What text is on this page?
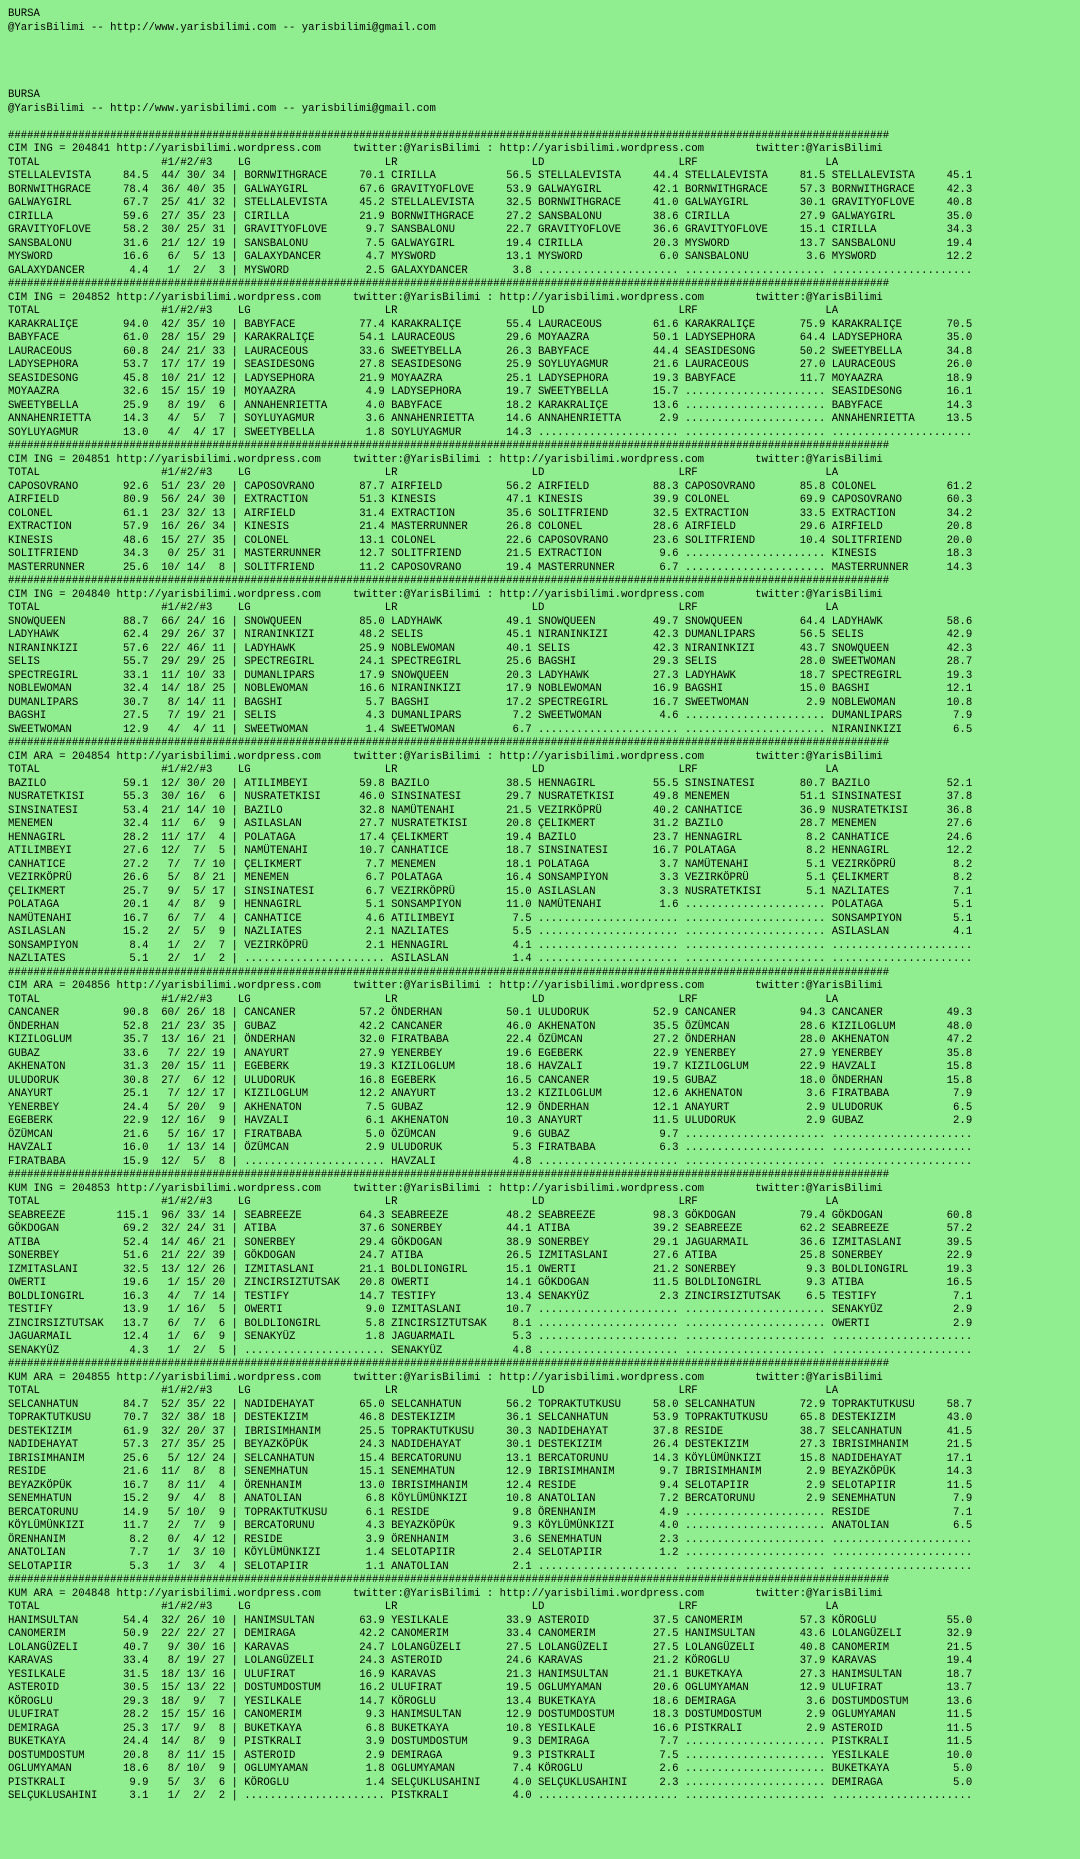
BURSA
@YarisBilimi -- http://www.yarisbilimi.com -- yarisbilimi@gmail.com
BURSA
@YarisBilimi -- http://www.yarisbilimi.com -- yarisbilimi@gmail.com

##########################################################################################################################################
CIM ING = 204841 http://yarisbilimi.wordpress.com     twitter:@YarisBilimi : http://yarisbilimi.wordpress.com        twitter:@YarisBilimi
TOTAL                   #1/#2/#3    LG                     LR                     LD                     LRF                    LA
STELLALEVISTA     84.5  44/ 30/ 34 | BORNWITHGRACE     70.1 CIRILLA           56.5 STELLALEVISTA     44.4 STELLALEVISTA     81.5 STELLALEVISTA     45.1
BORNWITHGRACE     78.4  36/ 40/ 35 | GALWAYGIRL        67.6 GRAVITYOFLOVE     53.9 GALWAYGIRL        42.1 BORNWITHGRACE     57.3 BORNWITHGRACE     42.3
GALWAYGIRL        67.7  25/ 41/ 32 | STELLALEVISTA     45.2 STELLALEVISTA     32.5 BORNWITHGRACE     41.0 GALWAYGIRL        30.1 GRAVITYOFLOVE     40.8
CIRILLA           59.6  27/ 35/ 23 | CIRILLA           21.9 BORNWITHGRACE     27.2 SANSBALONU        38.6 CIRILLA           27.9 GALWAYGIRL        35.0
GRAVITYOFLOVE     58.2  30/ 25/ 31 | GRAVITYOFLOVE      9.7 SANSBALONU        22.7 GRAVITYOFLOVE     36.6 GRAVITYOFLOVE     15.1 CIRILLA           34.3
SANSBALONU        31.6  21/ 12/ 19 | SANSBALONU         7.5 GALWAYGIRL        19.4 CIRILLA           20.3 MYSWORD           13.7 SANSBALONU        19.4
MYSWORD           16.6   6/  5/ 13 | GALAXYDANCER       4.7 MYSWORD           13.1 MYSWORD            6.0 SANSBALONU         3.6 MYSWORD           12.2
GALAXYDANCER       4.4   1/  2/  3 | MYSWORD            2.5 GALAXYDANCER       3.8 ...................... ...................... ......................
##########################################################################################################################################
CIM ING = 204852 http://yarisbilimi.wordpress.com     twitter:@YarisBilimi : http://yarisbilimi.wordpress.com        twitter:@YarisBilimi
TOTAL                   #1/#2/#3    LG                     LR                     LD                     LRF                    LA
KARAKRALIÇE       94.0  42/ 35/ 10 | BABYFACE          77.4 KARAKRALIÇE       55.4 LAURACEOUS        61.6 KARAKRALIÇE       75.9 KARAKRALIÇE       70.5
BABYFACE          61.0  28/ 15/ 29 | KARAKRALIÇE       54.1 LAURACEOUS        29.6 MOYAAZRA          50.1 LADYSEPHORA       64.4 LADYSEPHORA       35.0
LAURACEOUS        60.8  24/ 21/ 33 | LAURACEOUS        33.6 SWEETYBELLA       26.3 BABYFACE          44.4 SEASIDESONG       50.2 SWEETYBELLA       34.8
LADYSEPHORA       53.7  17/ 17/ 19 | SEASIDESONG       27.8 SEASIDESONG       25.9 SOYLUYAGMUR       21.6 LAURACEOUS        27.0 LAURACEOUS        26.0
SEASIDESONG       45.8  10/ 21/ 12 | LADYSEPHORA       21.9 MOYAAZRA          25.1 LADYSEPHORA       19.3 BABYFACE          11.7 MOYAAZRA          18.9
MOYAAZRA          32.6  15/ 15/ 19 | MOYAAZRA           4.9 LADYSEPHORA       19.7 SWEETYBELLA       15.7 ...................... SEASIDESONG       16.1
SWEETYBELLA       25.9   8/ 19/  6 | ANNAHENRIETTA      4.0 BABYFACE          18.2 KARAKRALIÇE       13.6 ...................... BABYFACE          14.3
ANNAHENRIETTA     14.3   4/  5/  7 | SOYLUYAGMUR        3.6 ANNAHENRIETTA     14.6 ANNAHENRIETTA      2.9 ...................... ANNAHENRIETTA     13.5
SOYLUYAGMUR       13.0   4/  4/ 17 | SWEETYBELLA        1.8 SOYLUYAGMUR       14.3 ...................... ...................... ......................
##########################################################################################################################################
CIM ING = 204851 http://yarisbilimi.wordpress.com     twitter:@YarisBilimi : http://yarisbilimi.wordpress.com        twitter:@YarisBilimi
TOTAL                   #1/#2/#3    LG                     LR                     LD                     LRF                    LA
CAPOSOVRANO       92.6  51/ 23/ 20 | CAPOSOVRANO       87.7 AIRFIELD          56.2 AIRFIELD          88.3 CAPOSOVRANO       85.8 COLONEL           61.2
AIRFIELD          80.9  56/ 24/ 30 | EXTRACTION        51.3 KINESIS           47.1 KINESIS           39.9 COLONEL           69.9 CAPOSOVRANO       60.3
COLONEL           61.1  23/ 32/ 13 | AIRFIELD          31.4 EXTRACTION        35.6 SOLITFRIEND       32.5 EXTRACTION        33.5 EXTRACTION        34.2
EXTRACTION        57.9  16/ 26/ 34 | KINESIS           21.4 MASTERRUNNER      26.8 COLONEL           28.6 AIRFIELD          29.6 AIRFIELD          20.8
KINESIS           48.6  15/ 27/ 35 | COLONEL           13.1 COLONEL           22.6 CAPOSOVRANO       23.6 SOLITFRIEND       10.4 SOLITFRIEND       20.0
SOLITFRIEND       34.3   0/ 25/ 31 | MASTERRUNNER      12.7 SOLITFRIEND       21.5 EXTRACTION         9.6 ...................... KINESIS           18.3
MASTERRUNNER      25.6  10/ 14/  8 | SOLITFRIEND       11.2 CAPOSOVRANO       19.4 MASTERRUNNER       6.7 ...................... MASTERRUNNER      14.3
##########################################################################################################################################
CIM ING = 204840 http://yarisbilimi.wordpress.com     twitter:@YarisBilimi : http://yarisbilimi.wordpress.com        twitter:@YarisBilimi
TOTAL                   #1/#2/#3    LG                     LR                     LD                     LRF                    LA
SNOWQUEEN         88.7  66/ 24/ 16 | SNOWQUEEN         85.0 LADYHAWK          49.1 SNOWQUEEN         49.7 SNOWQUEEN         64.4 LADYHAWK          58.6
LADYHAWK          62.4  29/ 26/ 37 | NIRANINKIZI       48.2 SELIS             45.1 NIRANINKIZI       42.3 DUMANLIPARS       56.5 SELIS             42.9
NIRANINKIZI       57.6  22/ 46/ 11 | LADYHAWK          25.9 NOBLEWOMAN        40.1 SELIS             42.3 NIRANINKIZI       43.7 SNOWQUEEN         42.3
SELIS             55.7  29/ 29/ 25 | SPECTREGIRL       24.1 SPECTREGIRL       25.6 BAGSHI            29.3 SELIS             28.0 SWEETWOMAN        28.7
SPECTREGIRL       33.1  11/ 10/ 33 | DUMANLIPARS       17.9 SNOWQUEEN         20.3 LADYHAWK          27.3 LADYHAWK          18.7 SPECTREGIRL       19.3
NOBLEWOMAN        32.4  14/ 18/ 25 | NOBLEWOMAN        16.6 NIRANINKIZI       17.9 NOBLEWOMAN        16.9 BAGSHI            15.0 BAGSHI            12.1
DUMANLIPARS       30.7   8/ 14/ 11 | BAGSHI             5.7 BAGSHI            17.2 SPECTREGIRL       16.7 SWEETWOMAN         2.9 NOBLEWOMAN        10.8
BAGSHI            27.5   7/ 19/ 21 | SELIS              4.3 DUMANLIPARS        7.2 SWEETWOMAN         4.6 ...................... DUMANLIPARS        7.9
SWEETWOMAN        12.9   4/  4/ 11 | SWEETWOMAN         1.4 SWEETWOMAN         6.7 ...................... ...................... NIRANINKIZI        6.5
##########################################################################################################################################
CIM ARA = 204854 http://yarisbilimi.wordpress.com     twitter:@YarisBilimi : http://yarisbilimi.wordpress.com        twitter:@YarisBilimi
TOTAL                   #1/#2/#3    LG                     LR                     LD                     LRF                    LA
BAZILO            59.1  12/ 30/ 20 | ATILIMBEYI        59.8 BAZILO            38.5 HENNAGIRL         55.5 SINSINATESI       80.7 BAZILO            52.1
NUSRATETKISI      55.3  30/ 16/  6 | NUSRATETKISI      46.0 SINSINATESI       29.7 NUSRATETKISI      49.8 MENEMEN           51.1 SINSINATESI       37.8
SINSINATESI       53.4  21/ 14/ 10 | BAZILO            32.8 NAMÜTENAHI        21.5 VEZIRKÖPRÜ        40.2 CANHATICE         36.9 NUSRATETKISI      36.8
MENEMEN           32.4  11/  6/  9 | ASILASLAN         27.7 NUSRATETKISI      20.8 ÇELIKMERT         31.2 BAZILO            28.7 MENEMEN           27.6
HENNAGIRL         28.2  11/ 17/  4 | POLATAGA          17.4 ÇELIKMERT         19.4 BAZILO            23.7 HENNAGIRL          8.2 CANHATICE         24.6
ATILIMBEYI        27.6  12/  7/  5 | NAMÜTENAHI        10.7 CANHATICE         18.7 SINSINATESI       16.7 POLATAGA           8.2 HENNAGIRL         12.2
CANHATICE         27.2   7/  7/ 10 | ÇELIKMERT          7.7 MENEMEN           18.1 POLATAGA           3.7 NAMÜTENAHI         5.1 VEZIRKÖPRÜ         8.2
VEZIRKÖPRÜ        26.6   5/  8/ 21 | MENEMEN            6.7 POLATAGA          16.4 SONSAMPIYON        3.3 VEZIRKÖPRÜ         5.1 ÇELIKMERT          8.2
ÇELIKMERT         25.7   9/  5/ 17 | SINSINATESI        6.7 VEZIRKÖPRÜ        15.0 ASILASLAN          3.3 NUSRATETKISI       5.1 NAZLIATES          7.1
POLATAGA          20.1   4/  8/  9 | HENNAGIRL          5.1 SONSAMPIYON       11.0 NAMÜTENAHI         1.6 ...................... POLATAGA           5.1
NAMÜTENAHI        16.7   6/  7/  4 | CANHATICE          4.6 ATILIMBEYI         7.5 ...................... ...................... SONSAMPIYON        5.1
ASILASLAN         15.2   2/  5/  9 | NAZLIATES          2.1 NAZLIATES          5.5 ...................... ...................... ASILASLAN          4.1
SONSAMPIYON        8.4   1/  2/  7 | VEZIRKÖPRÜ         2.1 HENNAGIRL          4.1 ...................... ...................... ......................
NAZLIATES          5.1   2/  1/  2 | ...................... ASILASLAN          1.4 ...................... ...................... ......................
##########################################################################################################################################
CIM ARA = 204856 http://yarisbilimi.wordpress.com     twitter:@YarisBilimi : http://yarisbilimi.wordpress.com        twitter:@YarisBilimi
TOTAL                   #1/#2/#3    LG                     LR                     LD                     LRF                    LA
CANCANER          90.8  60/ 26/ 18 | CANCANER          57.2 ÖNDERHAN          50.1 ULUDORUK          52.9 CANCANER          94.3 CANCANER          49.3
ÖNDERHAN          52.8  21/ 23/ 35 | GUBAZ             42.2 CANCANER          46.0 AKHENATON         35.5 ÖZÜMCAN           28.6 KIZILOGLUM        48.0
KIZILOGLUM        35.7  13/ 16/ 21 | ÖNDERHAN          32.0 FIRATBABA         22.4 ÖZÜMCAN           27.2 ÖNDERHAN          28.0 AKHENATON         47.2
GUBAZ             33.6   7/ 22/ 19 | ANAYURT           27.9 YENERBEY          19.6 EGEBERK           22.9 YENERBEY          27.9 YENERBEY          35.8
AKHENATON         31.3  20/ 15/ 11 | EGEBERK           19.3 KIZILOGLUM        18.6 HAVZALI           19.7 KIZILOGLUM        22.9 HAVZALI           15.8
ULUDORUK          30.8  27/  6/ 12 | ULUDORUK          16.8 EGEBERK           16.5 CANCANER          19.5 GUBAZ             18.0 ÖNDERHAN          15.8
ANAYURT           25.1   7/ 12/ 17 | KIZILOGLUM        12.2 ANAYURT           13.2 KIZILOGLUM        12.6 AKHENATON          3.6 FIRATBABA          7.9
YENERBEY          24.4   5/ 20/  9 | AKHENATON          7.5 GUBAZ             12.9 ÖNDERHAN          12.1 ANAYURT            2.9 ULUDORUK           6.5
EGEBERK           22.9  12/ 16/  9 | HAVZALI            6.1 AKHENATON         10.3 ANAYURT           11.5 ULUDORUK           2.9 GUBAZ              2.9
ÖZÜMCAN           21.6   5/ 16/ 17 | FIRATBABA          5.0 ÖZÜMCAN            9.6 GUBAZ              9.7 ...................... ......................
HAVZALI           16.0   1/ 13/ 14 | ÖZÜMCAN            2.9 ULUDORUK           5.3 FIRATBABA          6.3 ...................... ......................
FIRATBABA         15.9  12/  5/  8 | ...................... HAVZALI            4.8 ...................... ...................... ......................
##########################################################################################################################################
KUM ING = 204853 http://yarisbilimi.wordpress.com     twitter:@YarisBilimi : http://yarisbilimi.wordpress.com        twitter:@YarisBilimi
TOTAL                   #1/#2/#3    LG                     LR                     LD                     LRF                    LA
SEABREEZE        115.1  96/ 33/ 14 | SEABREEZE         64.3 SEABREEZE         48.2 SEABREEZE         98.3 GÖKDOGAN          79.4 GÖKDOGAN          60.8
GÖKDOGAN          69.2  32/ 24/ 31 | ATIBA             37.6 SONERBEY          44.1 ATIBA             39.2 SEABREEZE         62.2 SEABREEZE         57.2
ATIBA             52.4  14/ 46/ 21 | SONERBEY          29.4 GÖKDOGAN          38.9 SONERBEY          29.1 JAGUARMAIL        36.6 IZMITASLANI       39.5
SONERBEY          51.6  21/ 22/ 39 | GÖKDOGAN          24.7 ATIBA             26.5 IZMITASLANI       27.6 ATIBA             25.8 SONERBEY          22.9
IZMITASLANI       32.5  13/ 12/ 26 | IZMITASLANI       21.1 BOLDLIONGIRL      15.1 OWERTI            21.2 SONERBEY           9.3 BOLDLIONGIRL      19.3
OWERTI            19.6   1/ 15/ 20 | ZINCIRSIZTUTSAK   20.8 OWERTI            14.1 GÖKDOGAN          11.5 BOLDLIONGIRL       9.3 ATIBA             16.5
BOLDLIONGIRL      16.3   4/  7/ 14 | TESTIFY           14.7 TESTIFY           13.4 SENAKYÜZ           2.3 ZINCIRSIZTUTSAK    6.5 TESTIFY            7.1
TESTIFY           13.9   1/ 16/  5 | OWERTI             9.0 IZMITASLANI       10.7 ...................... ...................... SENAKYÜZ           2.9
ZINCIRSIZTUTSAK   13.7   6/  7/  6 | BOLDLIONGIRL       5.8 ZINCIRSIZTUTSAK    8.1 ...................... ...................... OWERTI             2.9
JAGUARMAIL        12.4   1/  6/  9 | SENAKYÜZ           1.8 JAGUARMAIL         5.3 ...................... ...................... ......................
SENAKYÜZ           4.3   1/  2/  5 | ...................... SENAKYÜZ           4.8 ...................... ...................... ......................
##########################################################################################################################################
KUM ARA = 204855 http://yarisbilimi.wordpress.com     twitter:@YarisBilimi : http://yarisbilimi.wordpress.com        twitter:@YarisBilimi
TOTAL                   #1/#2/#3    LG                     LR                     LD                     LRF                    LA
SELCANHATUN       84.7  52/ 35/ 22 | NADIDEHAYAT       65.0 SELCANHATUN       56.2 TOPRAKTUTKUSU     58.0 SELCANHATUN       72.9 TOPRAKTUTKUSU     58.7
TOPRAKTUTKUSU     70.7  32/ 38/ 18 | DESTEKIZIM        46.8 DESTEKIZIM        36.1 SELCANHATUN       53.9 TOPRAKTUTKUSU     65.8 DESTEKIZIM        43.0
DESTEKIZIM        61.9  32/ 20/ 37 | IBRISIMHANIM      25.5 TOPRAKTUTKUSU     30.3 NADIDEHAYAT       37.8 RESIDE            38.7 SELCANHATUN       41.5
NADIDEHAYAT       57.3  27/ 35/ 25 | BEYAZKÖPÜK        24.3 NADIDEHAYAT       30.1 DESTEKIZIM        26.4 DESTEKIZIM        27.3 IBRISIMHANIM      21.5
IBRISIMHANIM      25.6   5/ 12/ 24 | SELCANHATUN       15.4 BERCATORUNU       13.1 BERCATORUNU       14.3 KÖYLÜMÜNKIZI      15.8 NADIDEHAYAT       17.1
RESIDE            21.6  11/  8/  8 | SENEMHATUN        15.1 SENEMHATUN        12.9 IBRISIMHANIM       9.7 IBRISIMHANIM       2.9 BEYAZKÖPÜK        14.3
BEYAZKÖPÜK        16.7   8/ 11/  4 | ÖRENHANIM         13.0 IBRISIMHANIM      12.4 RESIDE             9.4 SELOTAPIIR         2.9 SELOTAPIIR        11.5
SENEMHATUN        15.2   9/  4/  8 | ANATOLIAN          6.8 KÖYLÜMÜNKIZI      10.8 ANATOLIAN          7.2 BERCATORUNU        2.9 SENEMHATUN         7.9
BERCATORUNU       14.9   5/ 10/  9 | TOPRAKTUTKUSU      6.1 RESIDE             9.8 ÖRENHANIM          4.9 ...................... RESIDE             7.1
KÖYLÜMÜNKIZI      11.7   2/  7/  9 | BERCATORUNU        4.3 BEYAZKÖPÜK         9.3 KÖYLÜMÜNKIZI       4.0 ...................... ANATOLIAN          6.5
ÖRENHANIM          8.2   0/  4/ 12 | RESIDE             3.9 ÖRENHANIM          3.6 SENEMHATUN         2.3 ...................... ......................
ANATOLIAN          7.7   1/  3/ 10 | KÖYLÜMÜNKIZI       1.4 SELOTAPIIR         2.4 SELOTAPIIR         1.2 ...................... ......................
SELOTAPIIR         5.3   1/  3/  4 | SELOTAPIIR         1.1 ANATOLIAN          2.1 ...................... ...................... ......................
##########################################################################################################################################
KUM ARA = 204848 http://yarisbilimi.wordpress.com     twitter:@YarisBilimi : http://yarisbilimi.wordpress.com        twitter:@YarisBilimi
TOTAL                   #1/#2/#3    LG                     LR                     LD                     LRF                    LA
HANIMSULTAN       54.4  32/ 26/ 10 | HANIMSULTAN       63.9 YESILKALE         33.9 ASTEROID          37.5 CANOMERIM         57.3 KÖROGLU           55.0
CANOMERIM         50.9  22/ 22/ 27 | DEMIRAGA          42.2 CANOMERIM         33.4 CANOMERIM         27.5 HANIMSULTAN       43.6 LOLANGÜZELI       32.9
LOLANGÜZELI       40.7   9/ 30/ 16 | KARAVAS           24.7 LOLANGÜZELI       27.5 LOLANGÜZELI       27.5 LOLANGÜZELI       40.8 CANOMERIM         21.5
KARAVAS           33.4   8/ 19/ 27 | LOLANGÜZELI       24.3 ASTEROID          24.6 KARAVAS           21.2 KÖROGLU           37.9 KARAVAS           19.4
YESILKALE         31.5  18/ 13/ 16 | ULUFIRAT          16.9 KARAVAS           21.3 HANIMSULTAN       21.1 BUKETKAYA         27.3 HANIMSULTAN       18.7
ASTEROID          30.5  15/ 13/ 22 | DOSTUMDOSTUM      16.2 ULUFIRAT          19.5 OGLUMYAMAN        20.6 OGLUMYAMAN        12.9 ULUFIRAT          13.7
KÖROGLU           29.3  18/  9/  7 | YESILKALE         14.7 KÖROGLU           13.4 BUKETKAYA         18.6 DEMIRAGA           3.6 DOSTUMDOSTUM      13.6
ULUFIRAT          28.2  15/ 15/ 16 | CANOMERIM          9.3 HANIMSULTAN       12.9 DOSTUMDOSTUM      18.3 DOSTUMDOSTUM       2.9 OGLUMYAMAN        11.5
DEMIRAGA          25.3  17/  9/  8 | BUKETKAYA          6.8 BUKETKAYA         10.8 YESILKALE         16.6 PISTKRALI          2.9 ASTEROID          11.5
BUKETKAYA         24.4  14/  8/  9 | PISTKRALI          3.9 DOSTUMDOSTUM       9.3 DEMIRAGA           7.7 ...................... PISTKRALI         11.5
DOSTUMDOSTUM      20.8   8/ 11/ 15 | ASTEROID           2.9 DEMIRAGA           9.3 PISTKRALI          7.5 ...................... YESILKALE         10.0
OGLUMYAMAN        18.6   8/ 10/  9 | OGLUMYAMAN         1.8 OGLUMYAMAN         7.4 KÖROGLU            2.6 ...................... BUKETKAYA          5.0
PISTKRALI          9.9   5/  3/  6 | KÖROGLU            1.4 SELÇUKLUSAHINI     4.0 SELÇUKLUSAHINI     2.3 ...................... DEMIRAGA           5.0
SELÇUKLUSAHINI     3.1   1/  2/  2 | ...................... PISTKRALI          4.0 ...................... ...................... ......................
